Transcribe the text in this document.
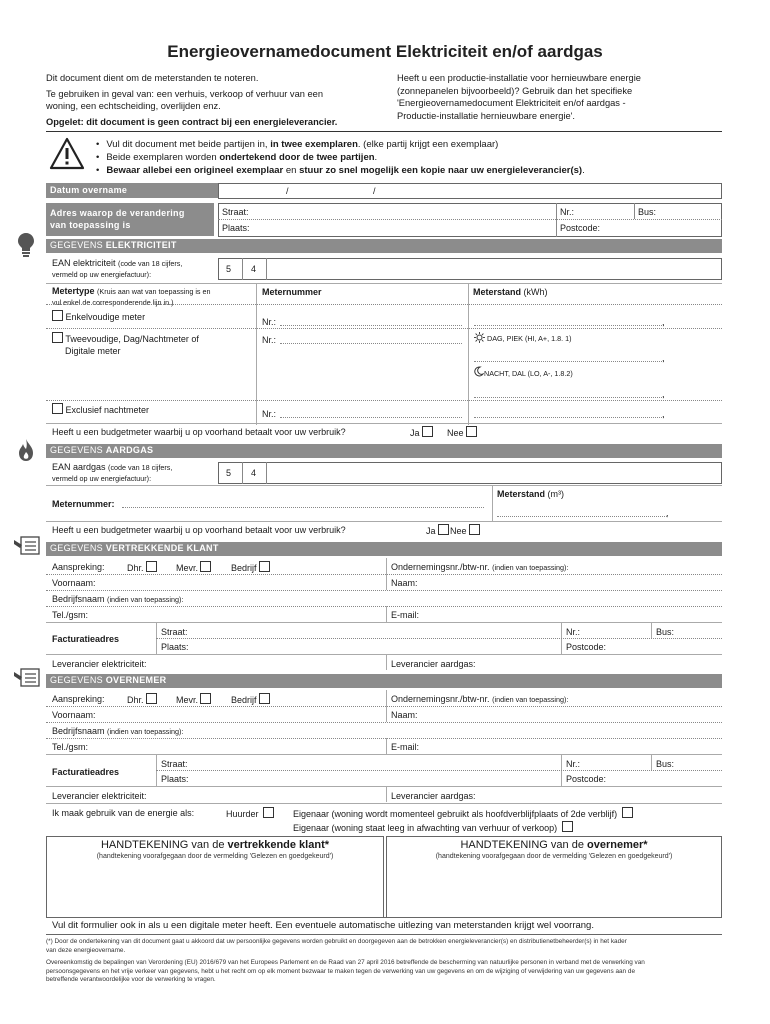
Energieovernamedocument Elektriciteit en/of aardgas
Dit document dient om de meterstanden te noteren.
Te gebruiken in geval van: een verhuis, verkoop of verhuur van een
woning, een echtscheiding, overlijden enz.
Opgelet: dit document is geen contract bij een energieleverancier.
Heeft u een productie-installatie voor hernieuwbare energie
(zonnepanelen bijvoorbeeld)? Gebruik dan het specifieke
'Energieovernamedocument Elektriciteit en/of aardgas -
Productie-installatie hernieuwbare energie'.
• Vul dit document met beide partijen in, in twee exemplaren. (elke partij krijgt een exemplaar)
• Beide exemplaren worden ondertekend door de twee partijen.
• Bewaar allebei een origineel exemplaar en stuur zo snel mogelijk een kopie naar uw energieleverancier(s).
Datum overname	/	/
Adres waarop de verandering
van toepassing is
Straat:	Nr.:	Bus:
Plaats:	Postcode:
GEGEVENS ELEKTRICITEIT
EAN elektriciteit (code van 18 cijfers,
vermeld op uw energiefactuur):
5 4
Metertype (Kruis aan wat van toepassing is en
vul enkel de corresponderende lijn in.)
Meternummer	Meterstand (kWh)
Enkelvoudige meter	Nr.:	,
Tweevoudige, Dag/Nachtmeter of
Digitale meter
Nr.:	DAG, PIEK (HI, A+, 1.8. 1)
,
NACHT, DAL (LO, A-, 1.8.2)
,
Exclusief nachtmeter	Nr.:	,
Heeft u een budgetmeter waarbij u op voorhand betaalt voor uw verbruik?	Ja	Nee
GEGEVENS AARDGAS
EAN aardgas (code van 18 cijfers,
vermeld op uw energiefactuur):
5 4
Meterstand (m³)
Meternummer:
,
Heeft u een budgetmeter waarbij u op voorhand betaalt voor uw verbruik?	Ja	Nee
GEGEVENS VERTREKKENDE KLANT
Aanspreking: Dhr.	Mevr.	Bedrijf	Ondernemingsnr./btw-nr. (indien van toepassing):
Voornaam:	Naam:
Bedrijfsnaam (indien van toepassing):
Tel./gsm:	E-mail:
Facturatieadres
Straat:	Nr.:	Bus:
Plaats:	Postcode:
Leverancier elektriciteit:	Leverancier aardgas:
GEGEVENS OVERNEMER
Aanspreking: Dhr.	Mevr.	Bedrijf	Ondernemingsnr./btw-nr. (indien van toepassing):
Voornaam:	Naam:
Bedrijfsnaam (indien van toepassing):
Tel./gsm:	E-mail:
Facturatieadres
Straat:	Nr.:	Bus:
Plaats:	Postcode:
Leverancier elektriciteit:	Leverancier aardgas:
Ik maak gebruik van de energie als:	Huurder	Eigenaar (woning wordt momenteel gebruikt als hoofdverblijfplaats of 2de verblijf)
Eigenaar (woning staat leeg in afwachting van verhuur of verkoop)
HANDTEKENING van de vertrekkende klant*
(handtekening voorafgegaan door de vermelding 'Gelezen en goedgekeurd')
HANDTEKENING van de overnemer*
(handtekening voorafgegaan door de vermelding 'Gelezen en goedgekeurd')
Vul dit formulier ook in als u een digitale meter heeft. Een eventuele automatische uitlezing van meterstanden krijgt wel voorrang.
(*) Door de ondertekening van dit document gaat u akkoord dat uw persoonlijke gegevens worden gebruikt en doorgegeven aan de betrokken energieleverancier(s) en distributienetbeheerder(s) in het kader
van deze energieovername.
Overeenkomstig de bepalingen van Verordening (EU) 2016/679 van het Europees Parlement en de Raad van 27 april 2016 betreffende de bescherming van natuurlijke personen in verband met de verwerking van
persoonsgegevens en het vrije verkeer van gegevens, hebt u het recht om op elk moment bezwaar te maken tegen de verwerking van uw gegevens en om de wijziging of verwijdering van uw gegevens aan de
betreffende verantwoordelijke voor de verwerking te vragen.
